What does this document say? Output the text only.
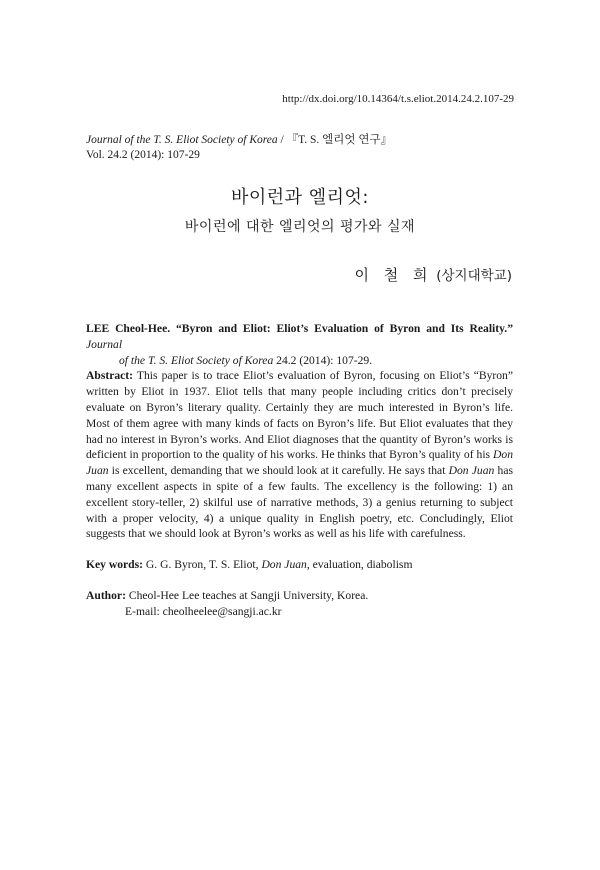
http://dx.doi.org/10.14364/t.s.eliot.2014.24.2.107-29
Journal of the T. S. Eliot Society of Korea / 『T. S. 엘리엇 연구』
Vol. 24.2 (2014): 107-29
바이런과 엘리엇:
바이런에 대한 엘리엇의 평가와 실재
이 철 희 (상지대학교)

LEE Cheol-Hee. “Byron and Eliot: Eliot’s Evaluation of Byron and Its Reality.” Journal
of the T. S. Eliot Society of Korea 24.2 (2014): 107-29.

Abstract: This paper is to trace Eliot’s evaluation of Byron, focusing on Eliot’s “Byron” written by Eliot in 1937. Eliot tells that many people including critics don’t precisely evaluate on Byron’s literary quality. Certainly they are much interested in Byron’s life. Most of them agree with many kinds of facts on Byron’s life. But Eliot evaluates that they had no interest in Byron’s works. And Eliot diagnoses that the quantity of Byron’s works is deficient in proportion to the quality of his works. He thinks that Byron’s quality of his Don Juan is excellent, demanding that we should look at it carefully. He says that Don Juan has many excellent aspects in spite of a few faults. The excellency is the following: 1) an excellent story-teller, 2) skilful use of narrative methods, 3) a genius returning to subject with a proper velocity, 4) a unique quality in English poetry, etc. Concludingly, Eliot suggests that we should look at Byron’s works as well as his life with carefulness.

Key words: G. G. Byron, T. S. Eliot, Don Juan, evaluation, diabolism

Author: Cheol-Hee Lee teaches at Sangji University, Korea.
E-mail: cheolheelee@sangji.ac.kr
